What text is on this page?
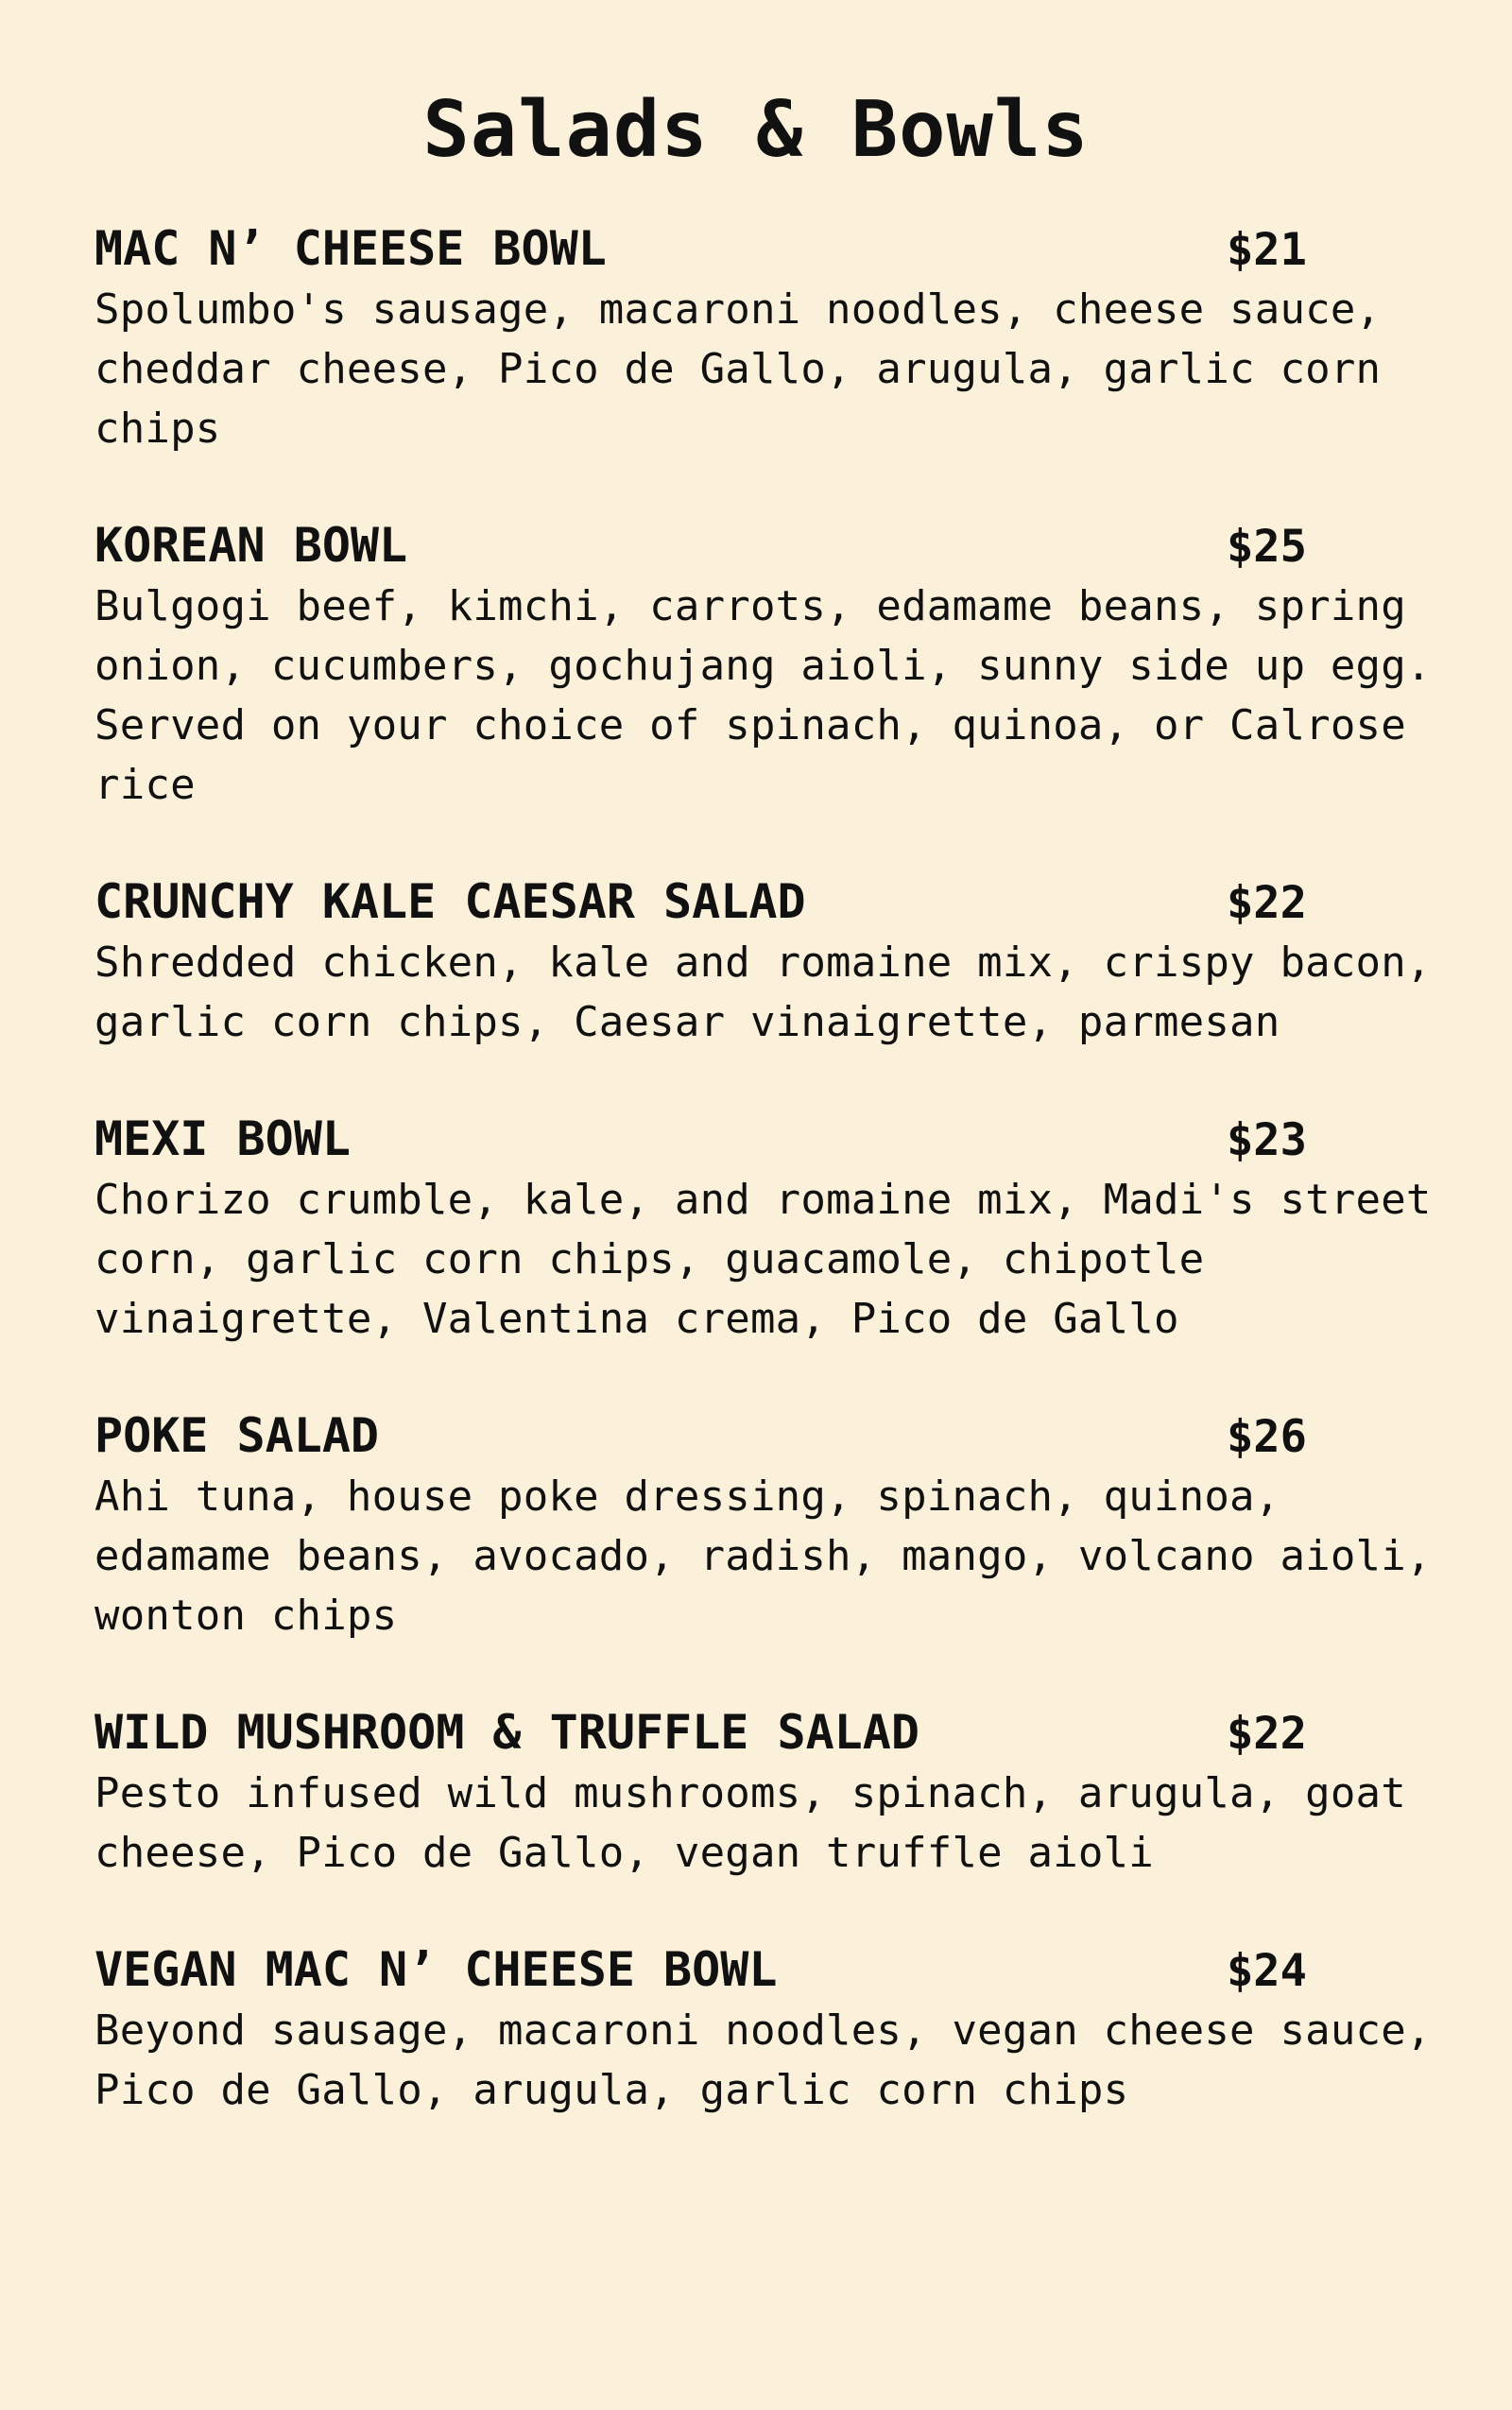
Salads & Bowls
MAC N’ CHEESE BOWL	$21
Spolumbo's sausage, macaroni noodles, cheese sauce, cheddar cheese, Pico de Gallo, arugula, garlic corn chips
KOREAN BOWL	$25
Bulgogi beef, kimchi, carrots, edamame beans, spring onion, cucumbers, gochujang aioli, sunny side up egg. Served on your choice of spinach, quinoa, or Calrose rice
CRUNCHY KALE CAESAR SALAD	$22
Shredded chicken, kale and romaine mix, crispy bacon, garlic corn chips, Caesar vinaigrette, parmesan
MEXI BOWL	$23
Chorizo crumble, kale, and romaine mix, Madi's street corn, garlic corn chips, guacamole, chipotle vinaigrette, Valentina crema, Pico de Gallo
POKE SALAD	$26
Ahi tuna, house poke dressing, spinach, quinoa, edamame beans, avocado, radish, mango, volcano aioli, wonton chips
WILD MUSHROOM & TRUFFLE SALAD	$22
Pesto infused wild mushrooms, spinach, arugula, goat cheese, Pico de Gallo, vegan truffle aioli
VEGAN MAC N’ CHEESE BOWL	$24
Beyond sausage, macaroni noodles, vegan cheese sauce, Pico de Gallo, arugula, garlic corn chips
